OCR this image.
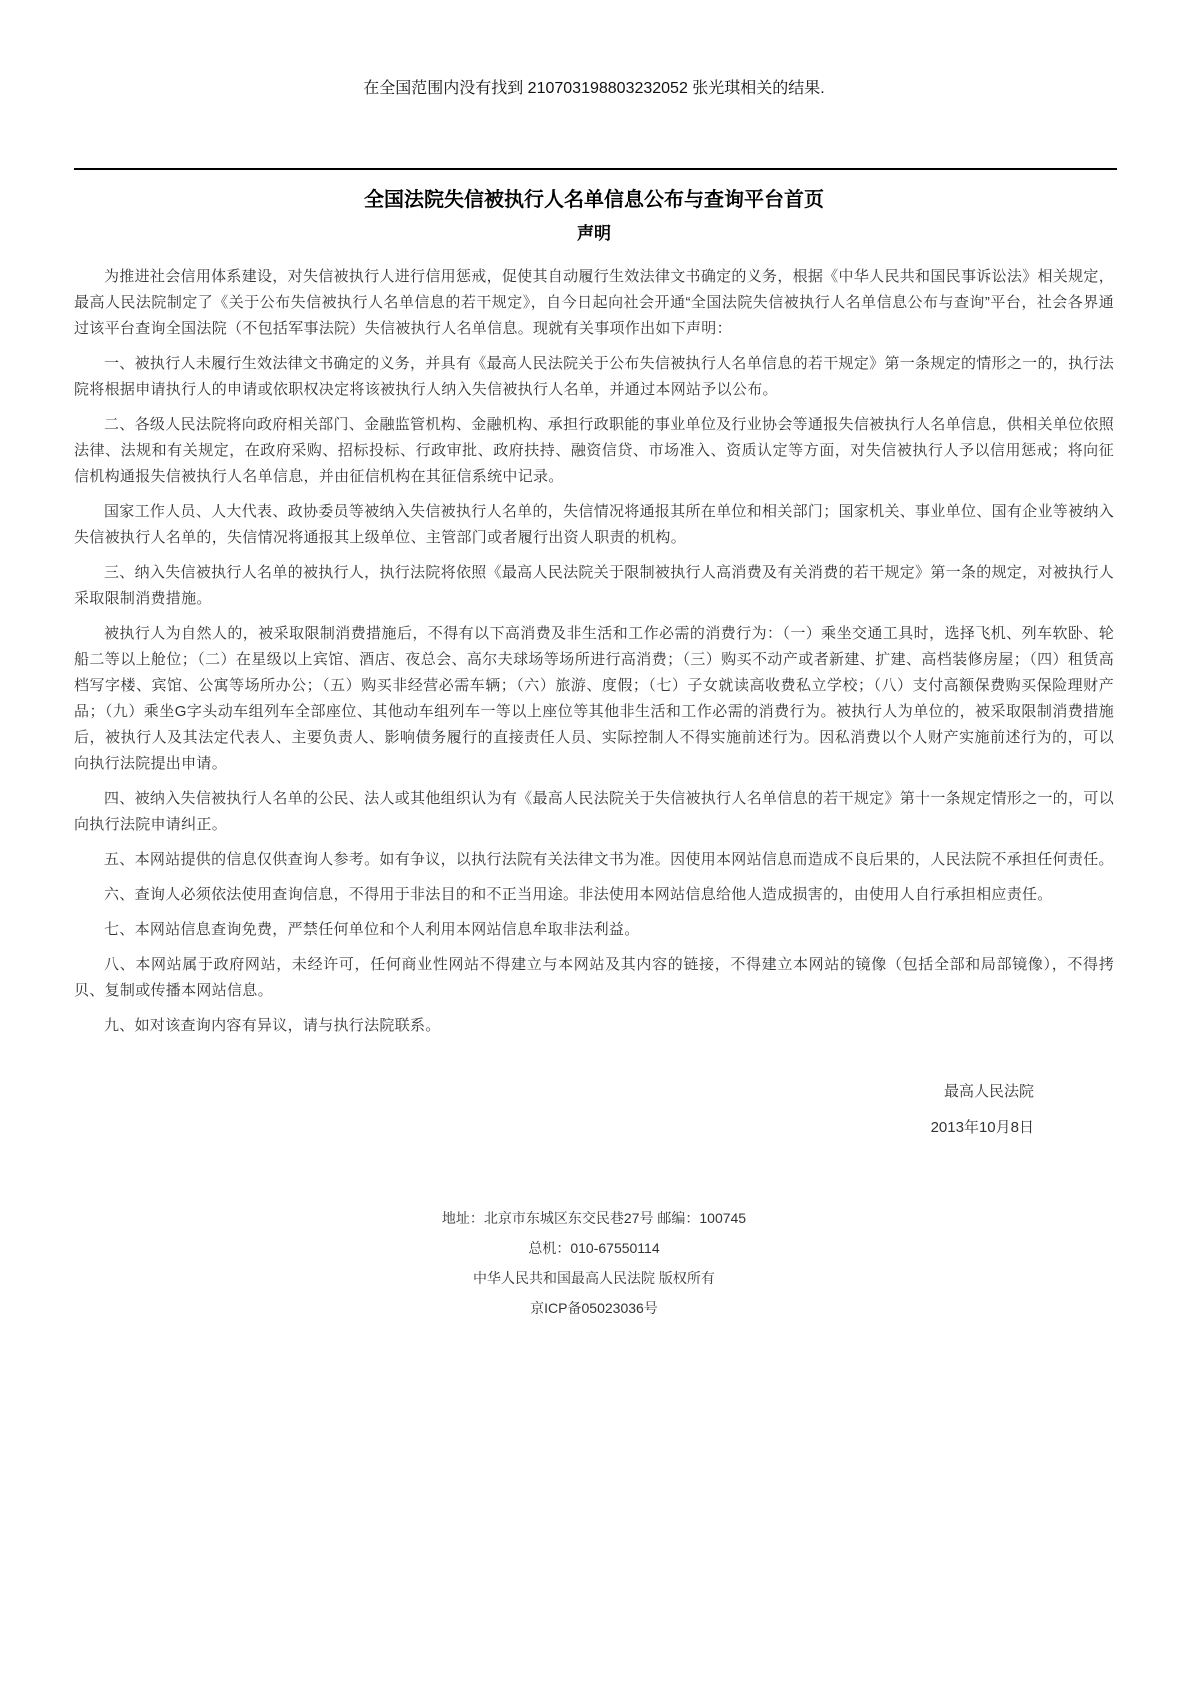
在全国范围内没有找到 210703198803232052 张光琪相关的结果.
全国法院失信被执行人名单信息公布与查询平台首页
声明

为推进社会信用体系建设，对失信被执行人进行信用惩戒，促使其自动履行生效法律文书确定的义务，根据《中华人民共和国民事诉讼法》相关规定，最高人民法院制定了《关于公布失信被执行人名单信息的若干规定》，自今日起向社会开通“全国法院失信被执行人名单信息公布与查询”平台，社会各界通过该平台查询全国法院（不包括军事法院）失信被执行人名单信息。现就有关事项作出如下声明：

一、被执行人未履行生效法律文书确定的义务，并具有《最高人民法院关于公布失信被执行人名单信息的若干规定》第一条规定的情形之一的，执行法院将根据申请执行人的申请或依职权决定将该被执行人纳入失信被执行人名单，并通过本网站予以公布。

二、各级人民法院将向政府相关部门、金融监管机构、金融机构、承担行政职能的事业单位及行业协会等通报失信被执行人名单信息，供相关单位依照法律、法规和有关规定，在政府采购、招标投标、行政审批、政府扶持、融资信贷、市场准入、资质认定等方面，对失信被执行人予以信用惩戒；将向征信机构通报失信被执行人名单信息，并由征信机构在其征信系统中记录。

国家工作人员、人大代表、政协委员等被纳入失信被执行人名单的，失信情况将通报其所在单位和相关部门；国家机关、事业单位、国有企业等被纳入失信被执行人名单的，失信情况将通报其上级单位、主管部门或者履行出资人职责的机构。

三、纳入失信被执行人名单的被执行人，执行法院将依照《最高人民法院关于限制被执行人高消费及有关消费的若干规定》第一条的规定，对被执行人采取限制消费措施。

被执行人为自然人的，被采取限制消费措施后，不得有以下高消费及非生活和工作必需的消费行为：（一）乘坐交通工具时，选择飞机、列车软卧、轮船二等以上舱位；（二）在星级以上宾馆、酒店、夜总会、高尔夫球场等场所进行高消费；（三）购买不动产或者新建、扩建、高档装修房屋；（四）租赁高档写字楼、宾馆、公寓等场所办公；（五）购买非经营必需车辆；（六）旅游、度假；（七）子女就读高收费私立学校；（八）支付高额保费购买保险理财产品；（九）乘坐G字头动车组列车全部座位、其他动车组列车一等以上座位等其他非生活和工作必需的消费行为。被执行人为单位的，被采取限制消费措施后，被执行人及其法定代表人、主要负责人、影响债务履行的直接责任人员、实际控制人不得实施前述行为。因私消费以个人财产实施前述行为的，可以向执行法院提出申请。

四、被纳入失信被执行人名单的公民、法人或其他组织认为有《最高人民法院关于失信被执行人名单信息的若干规定》第十一条规定情形之一的，可以向执行法院申请纠正。

五、本网站提供的信息仅供查询人参考。如有争议，以执行法院有关法律文书为准。因使用本网站信息而造成不良后果的，人民法院不承担任何责任。

六、查询人必须依法使用查询信息，不得用于非法目的和不正当用途。非法使用本网站信息给他人造成损害的，由使用人自行承担相应责任。

七、本网站信息查询免费，严禁任何单位和个人利用本网站信息牟取非法利益。

八、本网站属于政府网站，未经许可，任何商业性网站不得建立与本网站及其内容的链接，不得建立本网站的镜像（包括全部和局部镜像），不得拷贝、复制或传播本网站信息。

九、如对该查询内容有异议，请与执行法院联系。

最高人民法院
2013年10月8日
地址：北京市东城区东交民巷27号 邮编：100745
总机：010-67550114
中华人民共和国最高人民法院 版权所有
京ICP备05023036号
